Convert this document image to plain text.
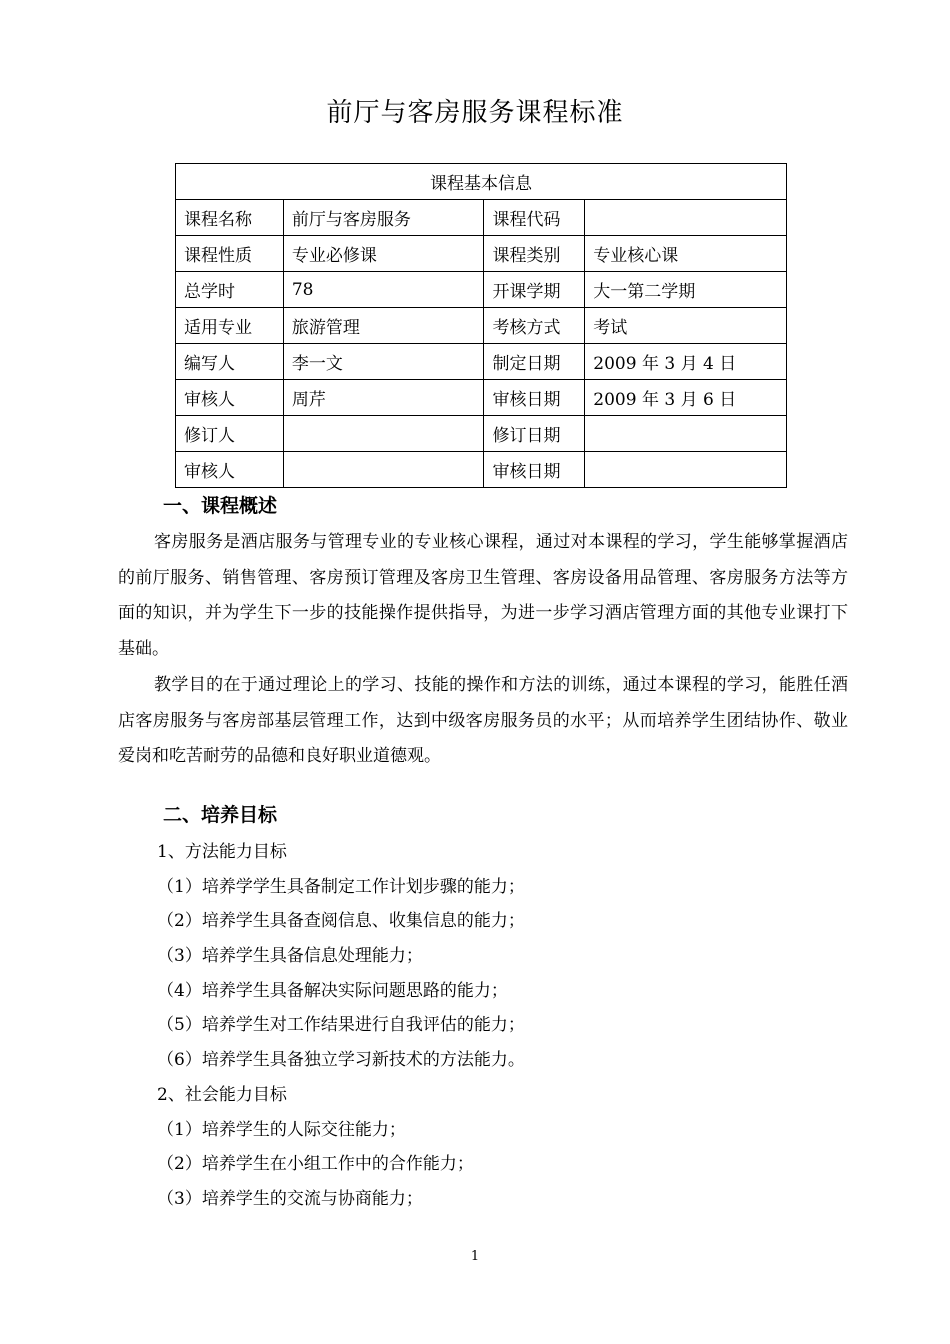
前厅与客房服务课程标准
课程基本信息			
课程名称	前厅与客房服务	课程代码	
课程性质	专业必修课	课程类别	专业核心课
总学时	78	开课学期	大一第二学期
适用专业	旅游管理	考核方式	考试
编写人	李一文	制定日期	2009 年 3 月 4 日
审核人	周芹	审核日期	2009 年 3 月 6 日
修订人		修订日期	
审核人		审核日期	
一、课程概述
客房服务是酒店服务与管理专业的专业核心课程，通过对本课程的学习，学生能够掌握酒店的前厅服务、销售管理、客房预订管理及客房卫生管理、客房设备用品管理、客房服务方法等方面的知识，并为学生下一步的技能操作提供指导，为进一步学习酒店管理方面的其他专业课打下基础。
教学目的在于通过理论上的学习、技能的操作和方法的训练，通过本课程的学习，能胜任酒店客房服务与客房部基层管理工作，达到中级客房服务员的水平；从而培养学生团结协作、敬业爱岗和吃苦耐劳的品德和良好职业道德观。
二、培养目标
1、方法能力目标
（1）培养学学生具备制定工作计划步骤的能力；
（2）培养学生具备查阅信息、收集信息的能力；
（3）培养学生具备信息处理能力；
（4）培养学生具备解决实际问题思路的能力；
（5）培养学生对工作结果进行自我评估的能力；
（6）培养学生具备独立学习新技术的方法能力。
2、社会能力目标
（1）培养学生的人际交往能力；
（2）培养学生在小组工作中的合作能力；
（3）培养学生的交流与协商能力；
1
